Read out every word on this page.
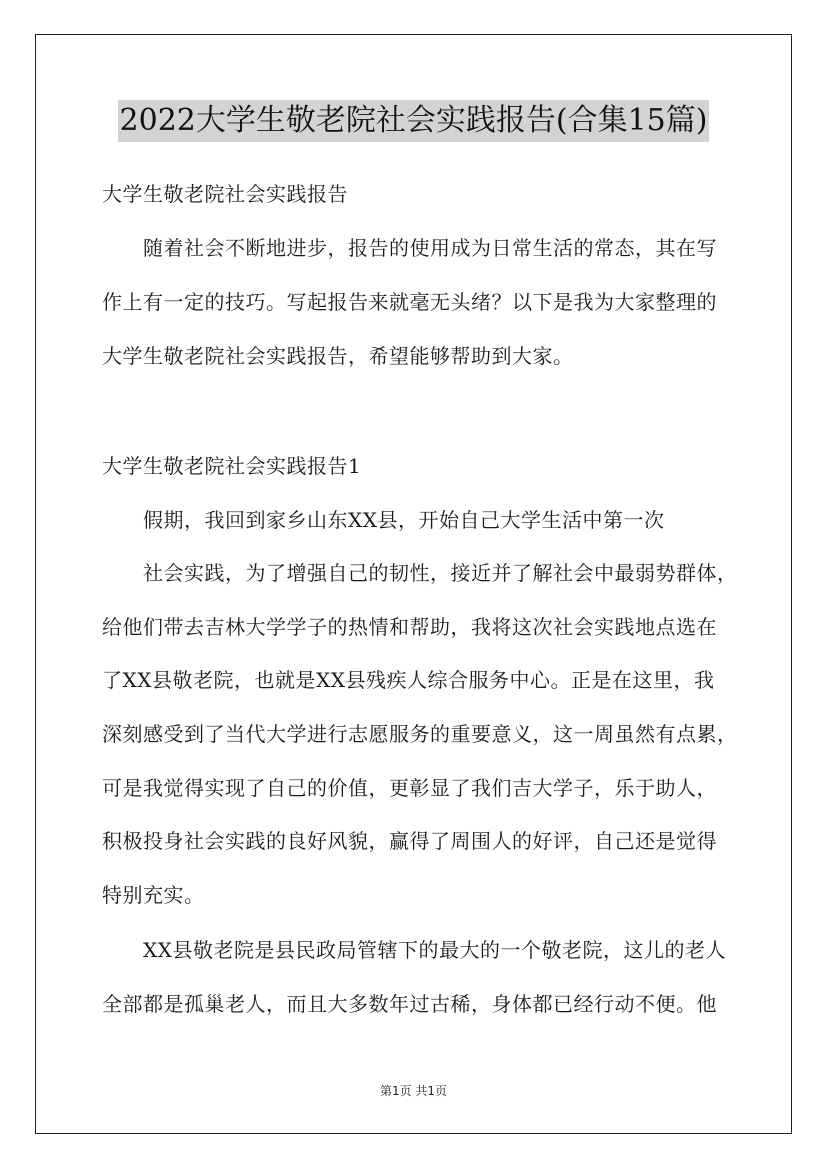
2022大学生敬老院社会实践报告(合集15篇)
大学生敬老院社会实践报告
随着社会不断地进步，报告的使用成为日常生活的常态，其在写
作上有一定的技巧。写起报告来就毫无头绪？以下是我为大家整理的
大学生敬老院社会实践报告，希望能够帮助到大家。
大学生敬老院社会实践报告1
假期，我回到家乡山东XX县，开始自己大学生活中第一次
社会实践，为了增强自己的韧性，接近并了解社会中最弱势群体，
给他们带去吉林大学学子的热情和帮助，我将这次社会实践地点选在
了XX县敬老院，也就是XX县残疾人综合服务中心。正是在这里，我
深刻感受到了当代大学进行志愿服务的重要意义，这一周虽然有点累，
可是我觉得实现了自己的价值，更彰显了我们吉大学子，乐于助人，
积极投身社会实践的良好风貌，赢得了周围人的好评，自己还是觉得
特别充实。
XX县敬老院是县民政局管辖下的最大的一个敬老院，这儿的老人
全部都是孤巢老人，而且大多数年过古稀，身体都已经行动不便。他
第1页 共1页
